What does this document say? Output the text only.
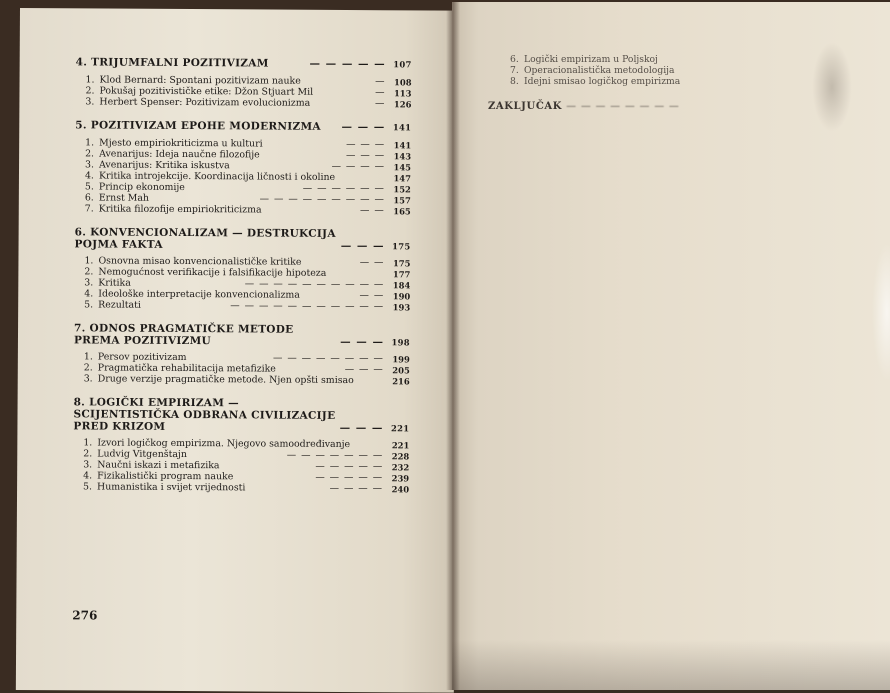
4. TRIJUMFALNI POZITIVIZAM	— — — — — 107
1. Klod Bernard: Spontani pozitivizam nauke	—	108
2. Pokušaj pozitivističke etike: Džon Stjuart Mil	—	113
3. Herbert Spenser: Pozitivizam evolucionizma	—	126
5. POZITIVIZAM EPOHE MODERNIZMA	— — — 141
1. Mjesto empiriokriticizma u kulturi	— — —	141
2. Avenarijus: Ideja naučne filozofije	— — —	143
3. Avenarijus: Kritika iskustva	— — — —	145
4. Kritika introjekcije. Koordinacija ličnosti i okoline	147
5. Princip ekonomije	— — — — — —	152
6. Ernst Mah	— — — — — — — — —	157
7. Kritika filozofije empiriokriticizma	— —	165
6. KONVENCIONALIZAM — DESTRUKCIJA POJMA FAKTA	— — — 175
1. Osnovna misao konvencionalističke kritike	— —	175
2. Nemogućnost verifikacije i falsifikacije hipoteza	177
3. Kritika	— — — — — — — — — —	184
4. Ideološke interpretacije konvencionalizma	— —	190
5. Rezultati	— — — — — — — — — — —	193
7. ODNOS PRAGMATIČKE METODE PREMA POZITIVIZMU	— — — 198
1. Persov pozitivizam	— — — — — — — —	199
2. Pragmatička rehabilitacija metafizike	— — —	205
3. Druge verzije pragmatičke metode. Njen opšti smisao	216
8. LOGIČKI EMPIRIZAM — SCIJENTISTIČKA ODBRANA CIVILIZACIJE PRED KRIZOM	— — — 221
1. Izvori logičkog empirizma. Njegovo samoodređivanje	221
2. Ludvig Vitgenštajn	— — — — — — —	228
3. Naučni iskazi i metafizika	— — — — —	232
4. Fizikalistički program nauke	— — — — —	239
5. Humanistika i svijet vrijednosti	— — — —	240
276
6. Logički empirizam u Poljskoj
7. Operacionalistička metodologija
8. Idejni smisao logičkog empirizma
ZAKLJUČAK — — — — — — — —
